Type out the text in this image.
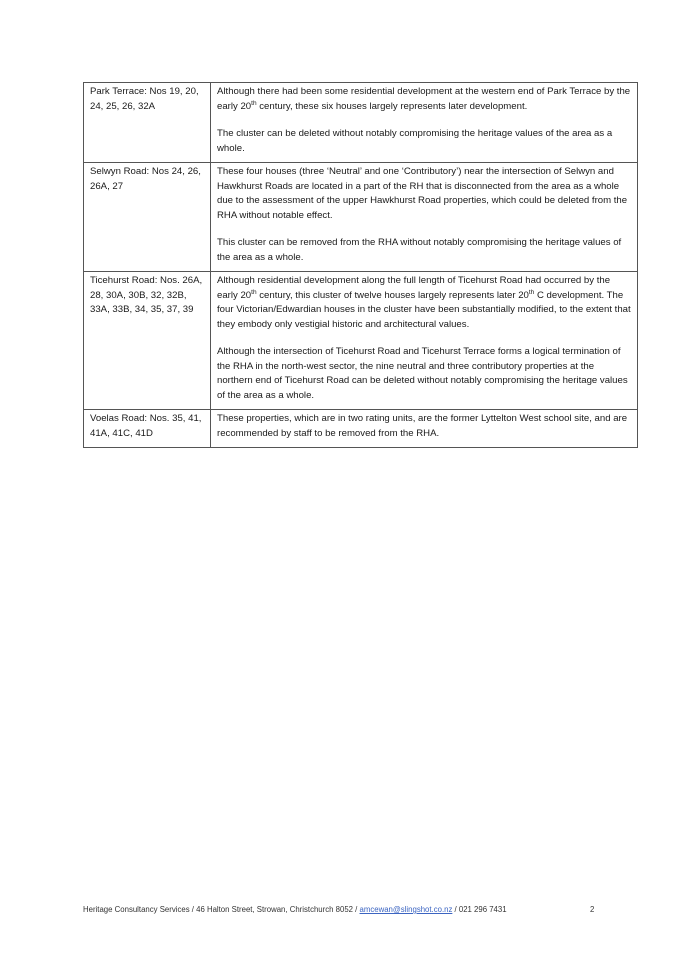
Park Terrace: Nos 19, 20, 24, 25, 26, 32A	Although there had been some residential development at the western end of Park Terrace by the early 20th century, these six houses largely represents later development.

The cluster can be deleted without notably compromising the heritage values of the area as a whole.

Selwyn Road: Nos 24, 26, 26A, 27	These four houses (three ‘Neutral’ and one ‘Contributory’) near the intersection of Selwyn and Hawkhurst Roads are located in a part of the RH that is disconnected from the area as a whole due to the assessment of the upper Hawkhurst Road properties, which could be deleted from the RHA without notable effect.

This cluster can be removed from the RHA without notably compromising the heritage values of the area as a whole.

Ticehurst Road: Nos. 26A, 28, 30A, 30B, 32, 32B, 33A, 33B, 34, 35, 37, 39	Although residential development along the full length of Ticehurst Road had occurred by the early 20th century, this cluster of twelve houses largely represents later 20th C development. The four Victorian/Edwardian houses in the cluster have been substantially modified, to the extent that they embody only vestigial historic and architectural values.

Although the intersection of Ticehurst Road and Ticehurst Terrace forms a logical termination of the RHA in the north-west sector, the nine neutral and three contributory properties at the northern end of Ticehurst Road can be deleted without notably compromising the heritage values of the area as a whole.

Voelas Road: Nos. 35, 41, 41A, 41C, 41D	These properties, which are in two rating units, are the former Lyttelton West school site, and are recommended by staff to be removed from the RHA.

Heritage Consultancy Services / 46 Halton Street, Strowan, Christchurch 8052 / amcewan@slingshot.co.nz / 021 296 7431	2
